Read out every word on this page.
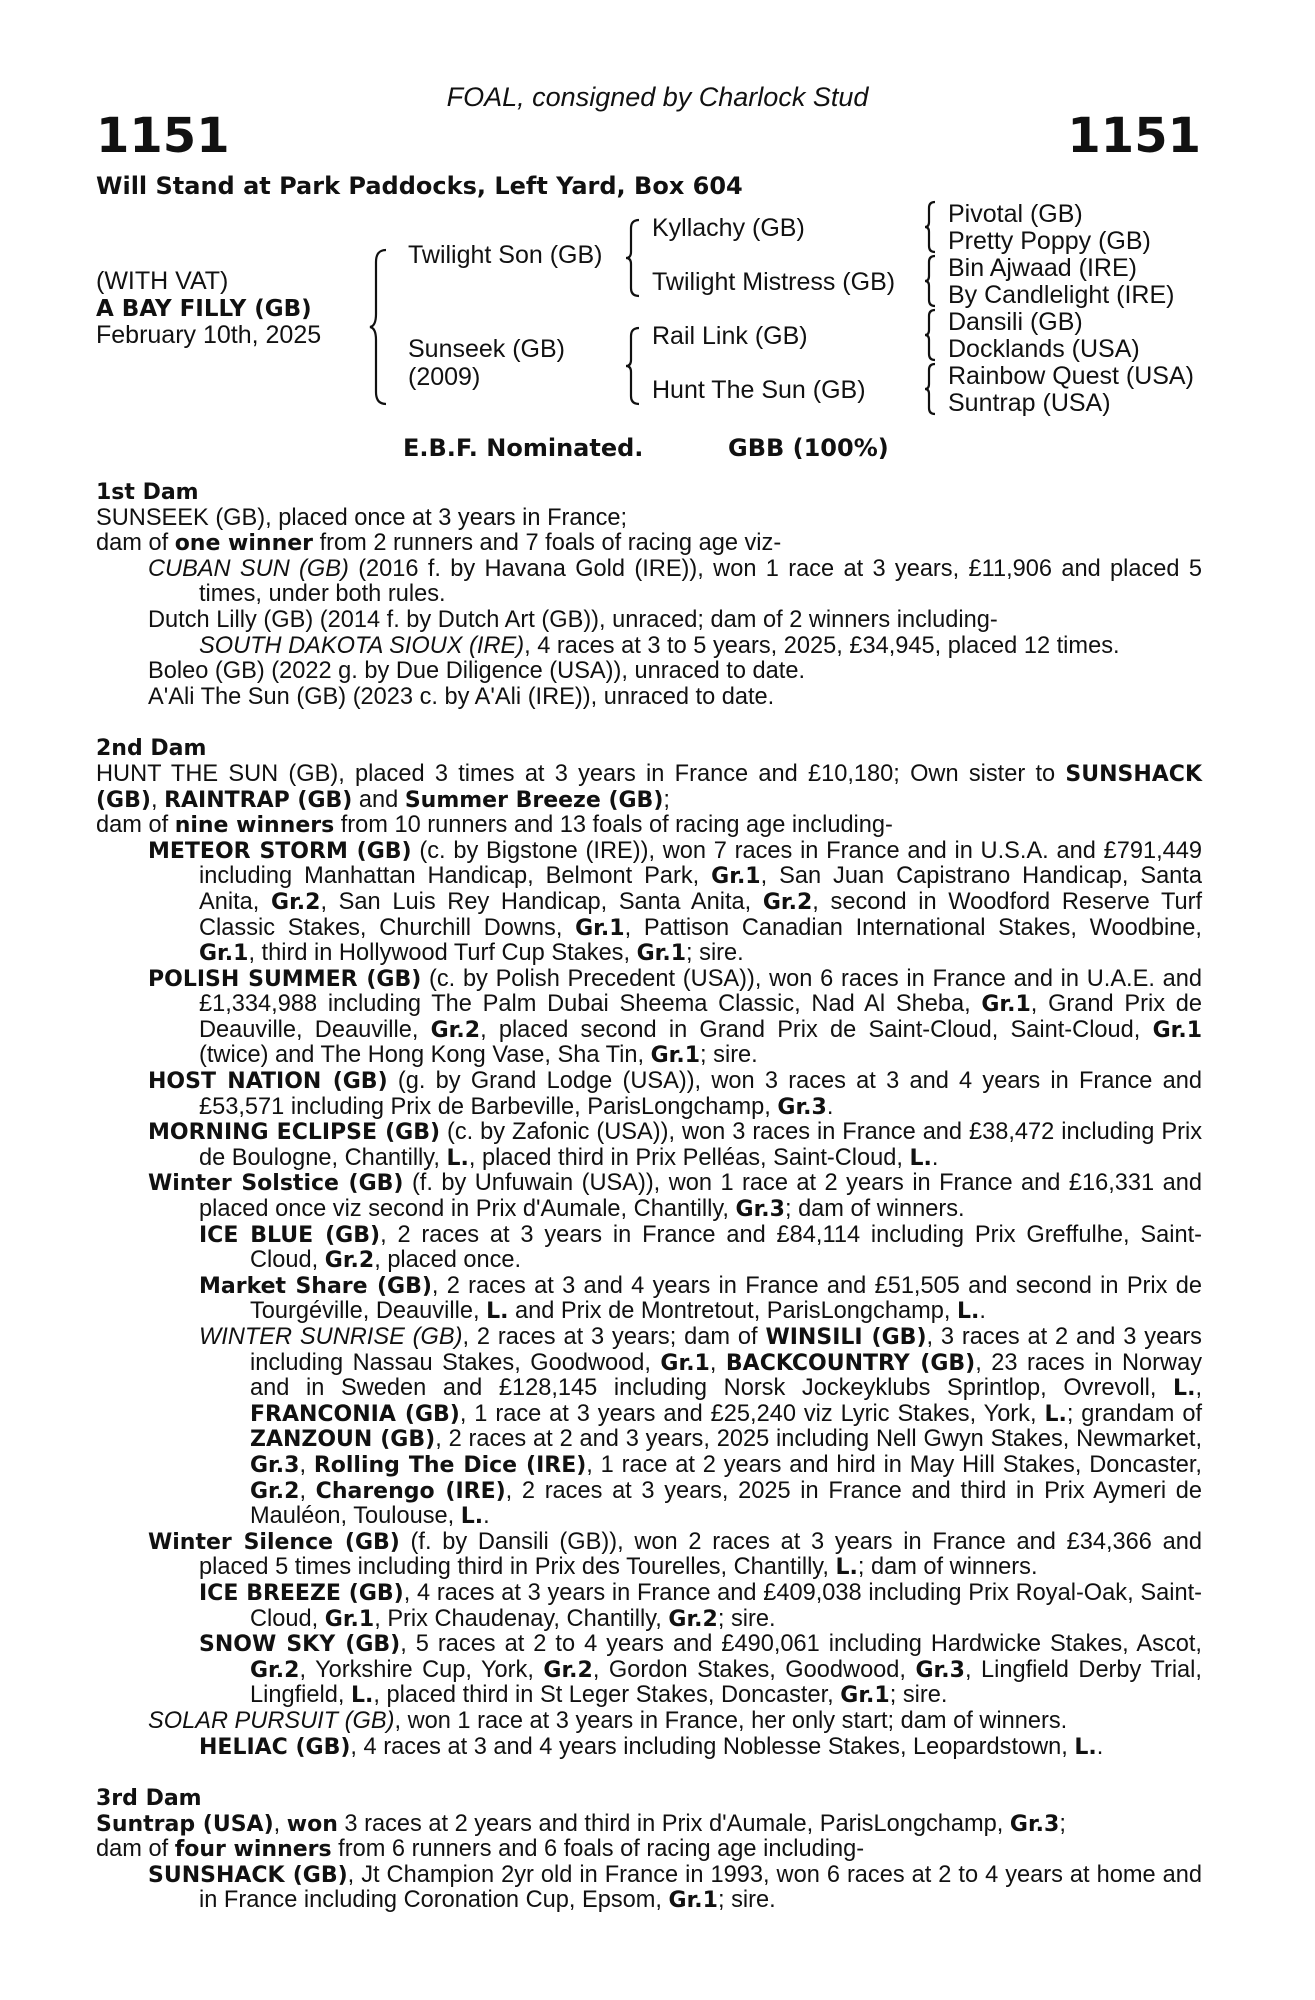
1151	1151
FOAL, consigned by Charlock Stud
Will Stand at Park Paddocks, Left Yard, Box 604
(WITH VAT)
A BAY FILLY (GB)
February 10th, 2025
Twilight Son (GB)
Sunseek (GB)
(2009)
Kyllachy (GB)
Twilight Mistress (GB)
Rail Link (GB)
Hunt The Sun (GB)
Pivotal (GB)
Pretty Poppy (GB)
Bin Ajwaad (IRE)
By Candlelight (IRE)
Dansili (GB)
Docklands (USA)
Rainbow Quest (USA)
Suntrap (USA)
E.B.F. Nominated.	GBB (100%)

1st Dam

SUNSEEK (GB), placed once at 3 years in France;

dam of one winner from 2 runners and 7 foals of racing age viz-

CUBAN SUN (GB) (2016 f. by Havana Gold (IRE)), won 1 race at 3 years, £11,906 and placed 5 times, under both rules.

Dutch Lilly (GB) (2014 f. by Dutch Art (GB)), unraced; dam of 2 winners including-

SOUTH DAKOTA SIOUX (IRE), 4 races at 3 to 5 years, 2025, £34,945, placed 12 times.

Boleo (GB) (2022 g. by Due Diligence (USA)), unraced to date.

A'Ali The Sun (GB) (2023 c. by A'Ali (IRE)), unraced to date.

2nd Dam

HUNT THE SUN (GB), placed 3 times at 3 years in France and £10,180; Own sister to SUNSHACK (GB), RAINTRAP (GB) and Summer Breeze (GB);

dam of nine winners from 10 runners and 13 foals of racing age including-

METEOR STORM (GB) (c. by Bigstone (IRE)), won 7 races in France and in U.S.A. and £791,449 including Manhattan Handicap, Belmont Park, Gr.1, San Juan Capistrano Handicap, Santa Anita, Gr.2, San Luis Rey Handicap, Santa Anita, Gr.2, second in Woodford Reserve Turf Classic Stakes, Churchill Downs, Gr.1, Pattison Canadian International Stakes, Woodbine, Gr.1, third in Hollywood Turf Cup Stakes, Gr.1; sire.

POLISH SUMMER (GB) (c. by Polish Precedent (USA)), won 6 races in France and in U.A.E. and £1,334,988 including The Palm Dubai Sheema Classic, Nad Al Sheba, Gr.1, Grand Prix de Deauville, Deauville, Gr.2, placed second in Grand Prix de Saint-Cloud, Saint-Cloud, Gr.1 (twice) and The Hong Kong Vase, Sha Tin, Gr.1; sire.

HOST NATION (GB) (g. by Grand Lodge (USA)), won 3 races at 3 and 4 years in France and £53,571 including Prix de Barbeville, ParisLongchamp, Gr.3.

MORNING ECLIPSE (GB) (c. by Zafonic (USA)), won 3 races in France and £38,472 including Prix de Boulogne, Chantilly, L., placed third in Prix Pelléas, Saint-Cloud, L..

Winter Solstice (GB) (f. by Unfuwain (USA)), won 1 race at 2 years in France and £16,331 and placed once viz second in Prix d'Aumale, Chantilly, Gr.3; dam of winners.

ICE BLUE (GB), 2 races at 3 years in France and £84,114 including Prix Greffulhe, Saint-Cloud, Gr.2, placed once.

Market Share (GB), 2 races at 3 and 4 years in France and £51,505 and second in Prix de Tourgéville, Deauville, L. and Prix de Montretout, ParisLongchamp, L..

WINTER SUNRISE (GB), 2 races at 3 years; dam of WINSILI (GB), 3 races at 2 and 3 years including Nassau Stakes, Goodwood, Gr.1, BACKCOUNTRY (GB), 23 races in Norway and in Sweden and £128,145 including Norsk Jockeyklubs Sprintlop, Ovrevoll, L., FRANCONIA (GB), 1 race at 3 years and £25,240 viz Lyric Stakes, York, L.; grandam of ZANZOUN (GB), 2 races at 2 and 3 years, 2025 including Nell Gwyn Stakes, Newmarket, Gr.3, Rolling The Dice (IRE), 1 race at 2 years and hird in May Hill Stakes, Doncaster, Gr.2, Charengo (IRE), 2 races at 3 years, 2025 in France and third in Prix Aymeri de Mauléon, Toulouse, L..

Winter Silence (GB) (f. by Dansili (GB)), won 2 races at 3 years in France and £34,366 and placed 5 times including third in Prix des Tourelles, Chantilly, L.; dam of winners.

ICE BREEZE (GB), 4 races at 3 years in France and £409,038 including Prix Royal-Oak, Saint-Cloud, Gr.1, Prix Chaudenay, Chantilly, Gr.2; sire.

SNOW SKY (GB), 5 races at 2 to 4 years and £490,061 including Hardwicke Stakes, Ascot, Gr.2, Yorkshire Cup, York, Gr.2, Gordon Stakes, Goodwood, Gr.3, Lingfield Derby Trial, Lingfield, L., placed third in St Leger Stakes, Doncaster, Gr.1; sire.

SOLAR PURSUIT (GB), won 1 race at 3 years in France, her only start; dam of winners.

HELIAC (GB), 4 races at 3 and 4 years including Noblesse Stakes, Leopardstown, L..

3rd Dam

Suntrap (USA), won 3 races at 2 years and third in Prix d'Aumale, ParisLongchamp, Gr.3;

dam of four winners from 6 runners and 6 foals of racing age including-

SUNSHACK (GB), Jt Champion 2yr old in France in 1993, won 6 races at 2 to 4 years at home and in France including Coronation Cup, Epsom, Gr.1; sire.
